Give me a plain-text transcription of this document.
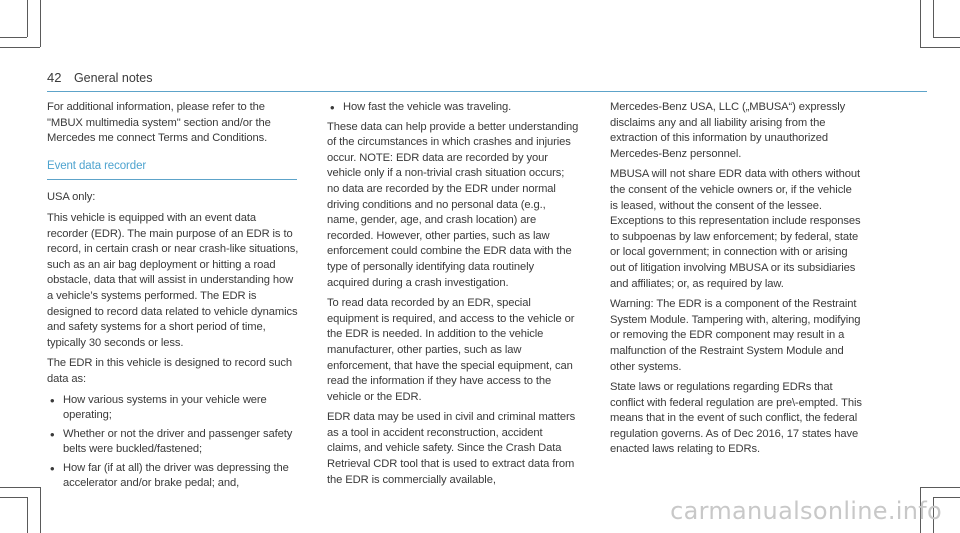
42 General notes

For additional information, please refer to the "MBUX multimedia system" section and/or the Mercedes me connect Terms and Conditions.

Event data recorder

USA only:

This vehicle is equipped with an event data recorder (EDR). The main purpose of an EDR is to record, in certain crash or near crash-like situations, such as an air bag deployment or hitting a road obstacle, data that will assist in understanding how a vehicle’s systems performed. The EDR is designed to record data related to vehicle dynamics and safety systems for a short period of time, typically 30 seconds or less.

The EDR in this vehicle is designed to record such data as:

• How various systems in your vehicle were operating;
• Whether or not the driver and passenger safety belts were buckled/fastened;
• How far (if at all) the driver was depressing the accelerator and/or brake pedal; and,
• How fast the vehicle was traveling.

These data can help provide a better understanding of the circumstances in which crashes and injuries occur. NOTE: EDR data are recorded by your vehicle only if a non-trivial crash situation occurs; no data are recorded by the EDR under normal driving conditions and no personal data (e.g., name, gender, age, and crash location) are recorded. However, other parties, such as law enforcement could combine the EDR data with the type of personally identifying data routinely acquired during a crash investigation.

To read data recorded by an EDR, special equipment is required, and access to the vehicle or the EDR is needed. In addition to the vehicle manufacturer, other parties, such as law enforcement, that have the special equipment, can read the information if they have access to the vehicle or the EDR.

EDR data may be used in civil and criminal matters as a tool in accident reconstruction, accident claims, and vehicle safety. Since the Crash Data Retrieval CDR tool that is used to extract data from the EDR is commercially available,

Mercedes-Benz USA, LLC („MBUSA“) expressly disclaims any and all liability arising from the extraction of this information by unauthorized Mercedes-Benz personnel.

MBUSA will not share EDR data with others without the consent of the vehicle owners or, if the vehicle is leased, without the consent of the lessee. Exceptions to this representation include responses to subpoenas by law enforcement; by federal, state or local government; in connection with or arising out of litigation involving MBUSA or its subsidiaries and affiliates; or, as required by law.

Warning: The EDR is a component of the Restraint System Module. Tampering with, altering, modifying or removing the EDR component may result in a malfunction of the Restraint System Module and other systems.

State laws or regulations regarding EDRs that conflict with federal regulation are pre\-empted. This means that in the event of such conflict, the federal regulation governs. As of Dec 2016, 17 states have enacted laws relating to EDRs.

carmanualsonline.info
